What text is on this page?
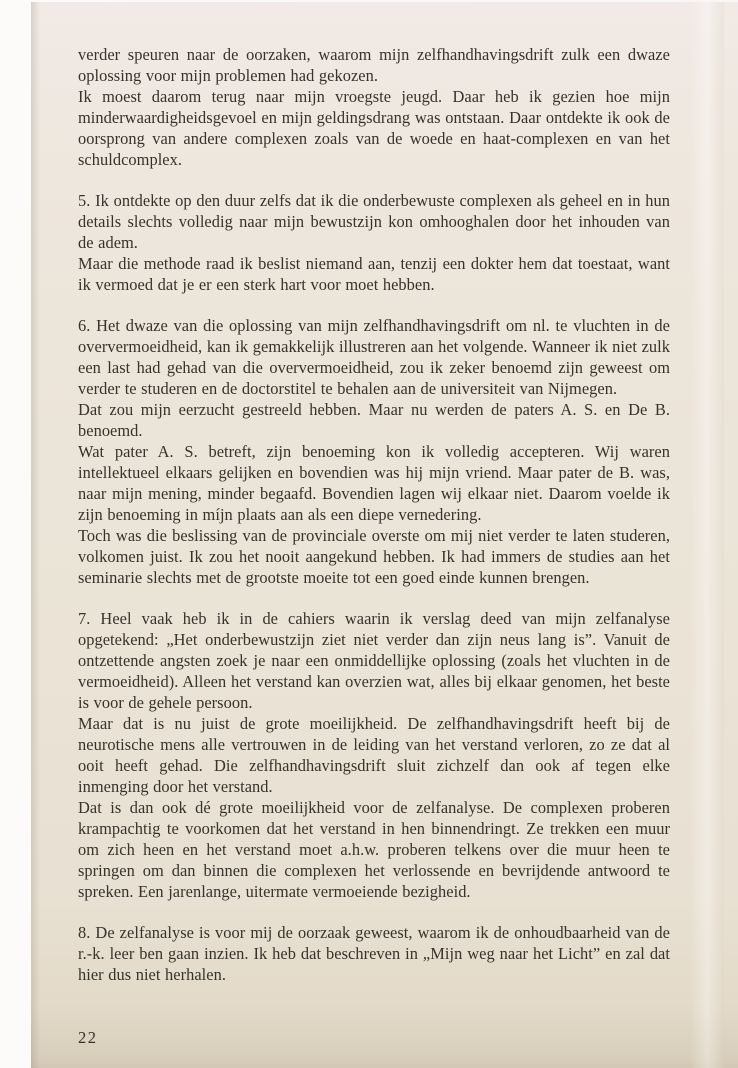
verder speuren naar de oorzaken, waarom mijn zelfhandhavingsdrift zulk een dwaze oplossing voor mijn problemen had gekozen.

Ik moest daarom terug naar mijn vroegste jeugd. Daar heb ik gezien hoe mijn minderwaardigheidsgevoel en mijn geldingsdrang was ontstaan. Daar ontdekte ik ook de oorsprong van andere complexen zoals van de woede en haat-complexen en van het schuldcomplex.

5. Ik ontdekte op den duur zelfs dat ik die onderbewuste complexen als geheel en in hun details slechts volledig naar mijn bewustzijn kon omhooghalen door het inhouden van de adem.

Maar die methode raad ik beslist niemand aan, tenzij een dokter hem dat toestaat, want ik vermoed dat je er een sterk hart voor moet hebben.

6. Het dwaze van die oplossing van mijn zelfhandhavingsdrift om nl. te vluchten in de oververmoeidheid, kan ik gemakkelijk illustreren aan het volgende. Wanneer ik niet zulk een last had gehad van die oververmoeidheid, zou ik zeker benoemd zijn geweest om verder te studeren en de doctorstitel te behalen aan de universiteit van Nijmegen.

Dat zou mijn eerzucht gestreeld hebben. Maar nu werden de paters A. S. en De B. benoemd.

Wat pater A. S. betreft, zijn benoeming kon ik volledig accepteren. Wij waren intellektueel elkaars gelijken en bovendien was hij mijn vriend. Maar pater de B. was, naar mijn mening, minder begaafd. Bovendien lagen wij elkaar niet. Daarom voelde ik zijn benoeming in míjn plaats aan als een diepe vernedering.

Toch was die beslissing van de provinciale overste om mij niet verder te laten studeren, volkomen juist. Ik zou het nooit aangekund hebben. Ik had immers de studies aan het seminarie slechts met de grootste moeite tot een goed einde kunnen brengen.

7. Heel vaak heb ik in de cahiers waarin ik verslag deed van mijn zelfanalyse opgetekend: „Het onderbewustzijn ziet niet verder dan zijn neus lang is”. Vanuit de ontzettende angsten zoek je naar een onmiddellijke oplossing (zoals het vluchten in de vermoeidheid). Alleen het verstand kan overzien wat, alles bij elkaar genomen, het beste is voor de gehele persoon.

Maar dat is nu juist de grote moeilijkheid. De zelfhandhavingsdrift heeft bij de neurotische mens alle vertrouwen in de leiding van het verstand verloren, zo ze dat al ooit heeft gehad. Die zelfhandhavingsdrift sluit zichzelf dan ook af tegen elke inmenging door het verstand.

Dat is dan ook dé grote moeilijkheid voor de zelfanalyse. De complexen proberen krampachtig te voorkomen dat het verstand in hen binnendringt. Ze trekken een muur om zich heen en het verstand moet a.h.w. proberen telkens over die muur heen te springen om dan binnen die complexen het verlossende en bevrijdende antwoord te spreken. Een jarenlange, uitermate vermoeiende bezigheid.

8. De zelfanalyse is voor mij de oorzaak geweest, waarom ik de onhoudbaarheid van de r.-k. leer ben gaan inzien. Ik heb dat beschreven in „Mijn weg naar het Licht” en zal dat hier dus niet herhalen.

22
